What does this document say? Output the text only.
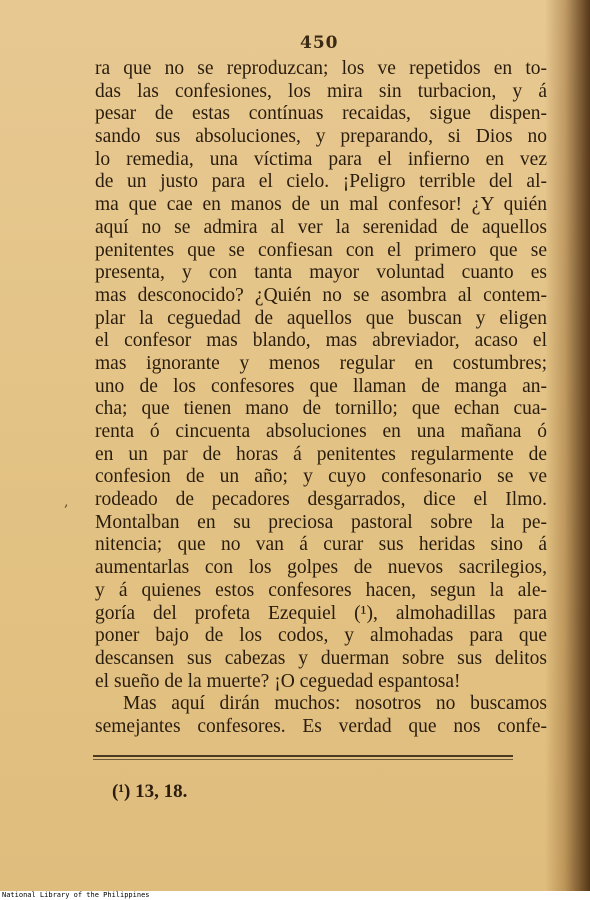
450
ra que no se reproduzcan; los ve repetidos en to-
das las confesiones, los mira sin turbacion, y á
pesar de estas contínuas recaidas, sigue dispen-
sando sus absoluciones, y preparando, si Dios no
lo remedia, una víctima para el infierno en vez
de un justo para el cielo. ¡Peligro terrible del al-
ma que cae en manos de un mal confesor! ¿Y quién
aquí no se admira al ver la serenidad de aquellos
penitentes que se confiesan con el primero que se
presenta, y con tanta mayor voluntad cuanto es
mas desconocido? ¿Quién no se asombra al contem-
plar la ceguedad de aquellos que buscan y eligen
el confesor mas blando, mas abreviador, acaso el
mas ignorante y menos regular en costumbres;
uno de los confesores que llaman de manga an-
cha; que tienen mano de tornillo; que echan cua-
renta ó cincuenta absoluciones en una mañana ó
en un par de horas á penitentes regularmente de
confesion de un año; y cuyo confesonario se ve
rodeado de pecadores desgarrados, dice el Ilmo.
Montalban en su preciosa pastoral sobre la pe-
nitencia; que no van á curar sus heridas sino á
aumentarlas con los golpes de nuevos sacrilegios,
y á quienes estos confesores hacen, segun la ale-
goría del profeta Ezequiel (¹), almohadillas para
poner bajo de los codos, y almohadas para que
descansen sus cabezas y duerman sobre sus delitos
el sueño de la muerte? ¡O ceguedad espantosa!
Mas aquí dirán muchos: nosotros no buscamos
semejantes confesores. Es verdad que nos confe-
,
(¹) 13, 18.
National Library of the Philippines
